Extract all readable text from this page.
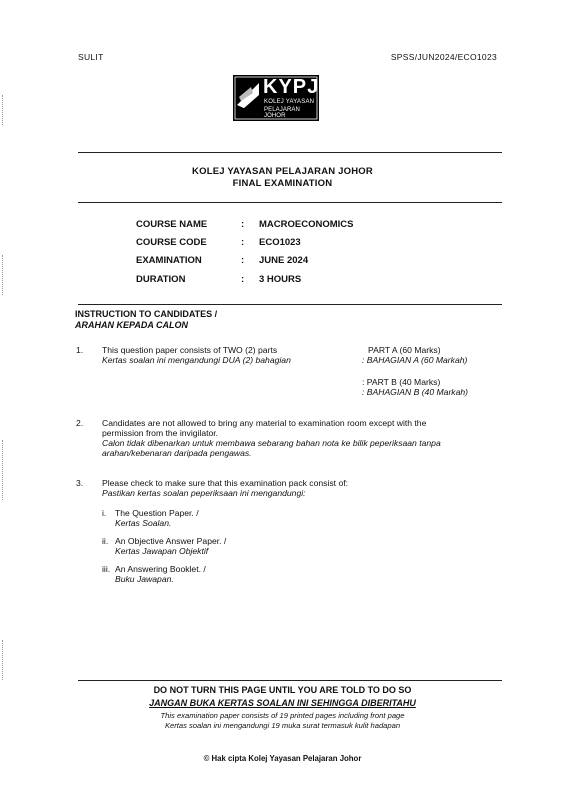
SULIT	SPSS/JUN2024/ECO1023
KYPJ
KOLEJ YAYASAN
PELAJARAN JOHOR
KOLEJ YAYASAN PELAJARAN JOHOR
FINAL EXAMINATION
COURSE NAME	: MACROECONOMICS
COURSE CODE	: ECO1023
EXAMINATION	: JUNE 2024
DURATION	: 3 HOURS
INSTRUCTION TO CANDIDATES /
ARAHAN KEPADA CALON
1. This question paper consists of TWO (2) parts
Kertas soalan ini mengandungi DUA (2) bahagian
PART A (60 Marks)
: BAHAGIAN A (60 Markah)
: PART B (40 Marks)
: BAHAGIAN B (40 Markah)
2. Candidates are not allowed to bring any material to examination room except with the
permission from the invigilator.
Calon tidak dibenarkan untuk membawa sebarang bahan nota ke bilik peperiksaan tanpa
arahan/kebenaran daripada pengawas.
3. Please check to make sure that this examination pack consist of:
Pastikan kertas soalan peperiksaan ini mengandungi:
i. The Question Paper. /
Kertas Soalan.
ii. An Objective Answer Paper. /
Kertas Jawapan Objektif
iii. An Answering Booklet. /
Buku Jawapan.
DO NOT TURN THIS PAGE UNTIL YOU ARE TOLD TO DO SO
JANGAN BUKA KERTAS SOALAN INI SEHINGGA DIBERITAHU
This examination paper consists of 19 printed pages including front page
Kertas soalan ini mengandungi 19 muka surat termasuk kulit hadapan
© Hak cipta Kolej Yayasan Pelajaran Johor
